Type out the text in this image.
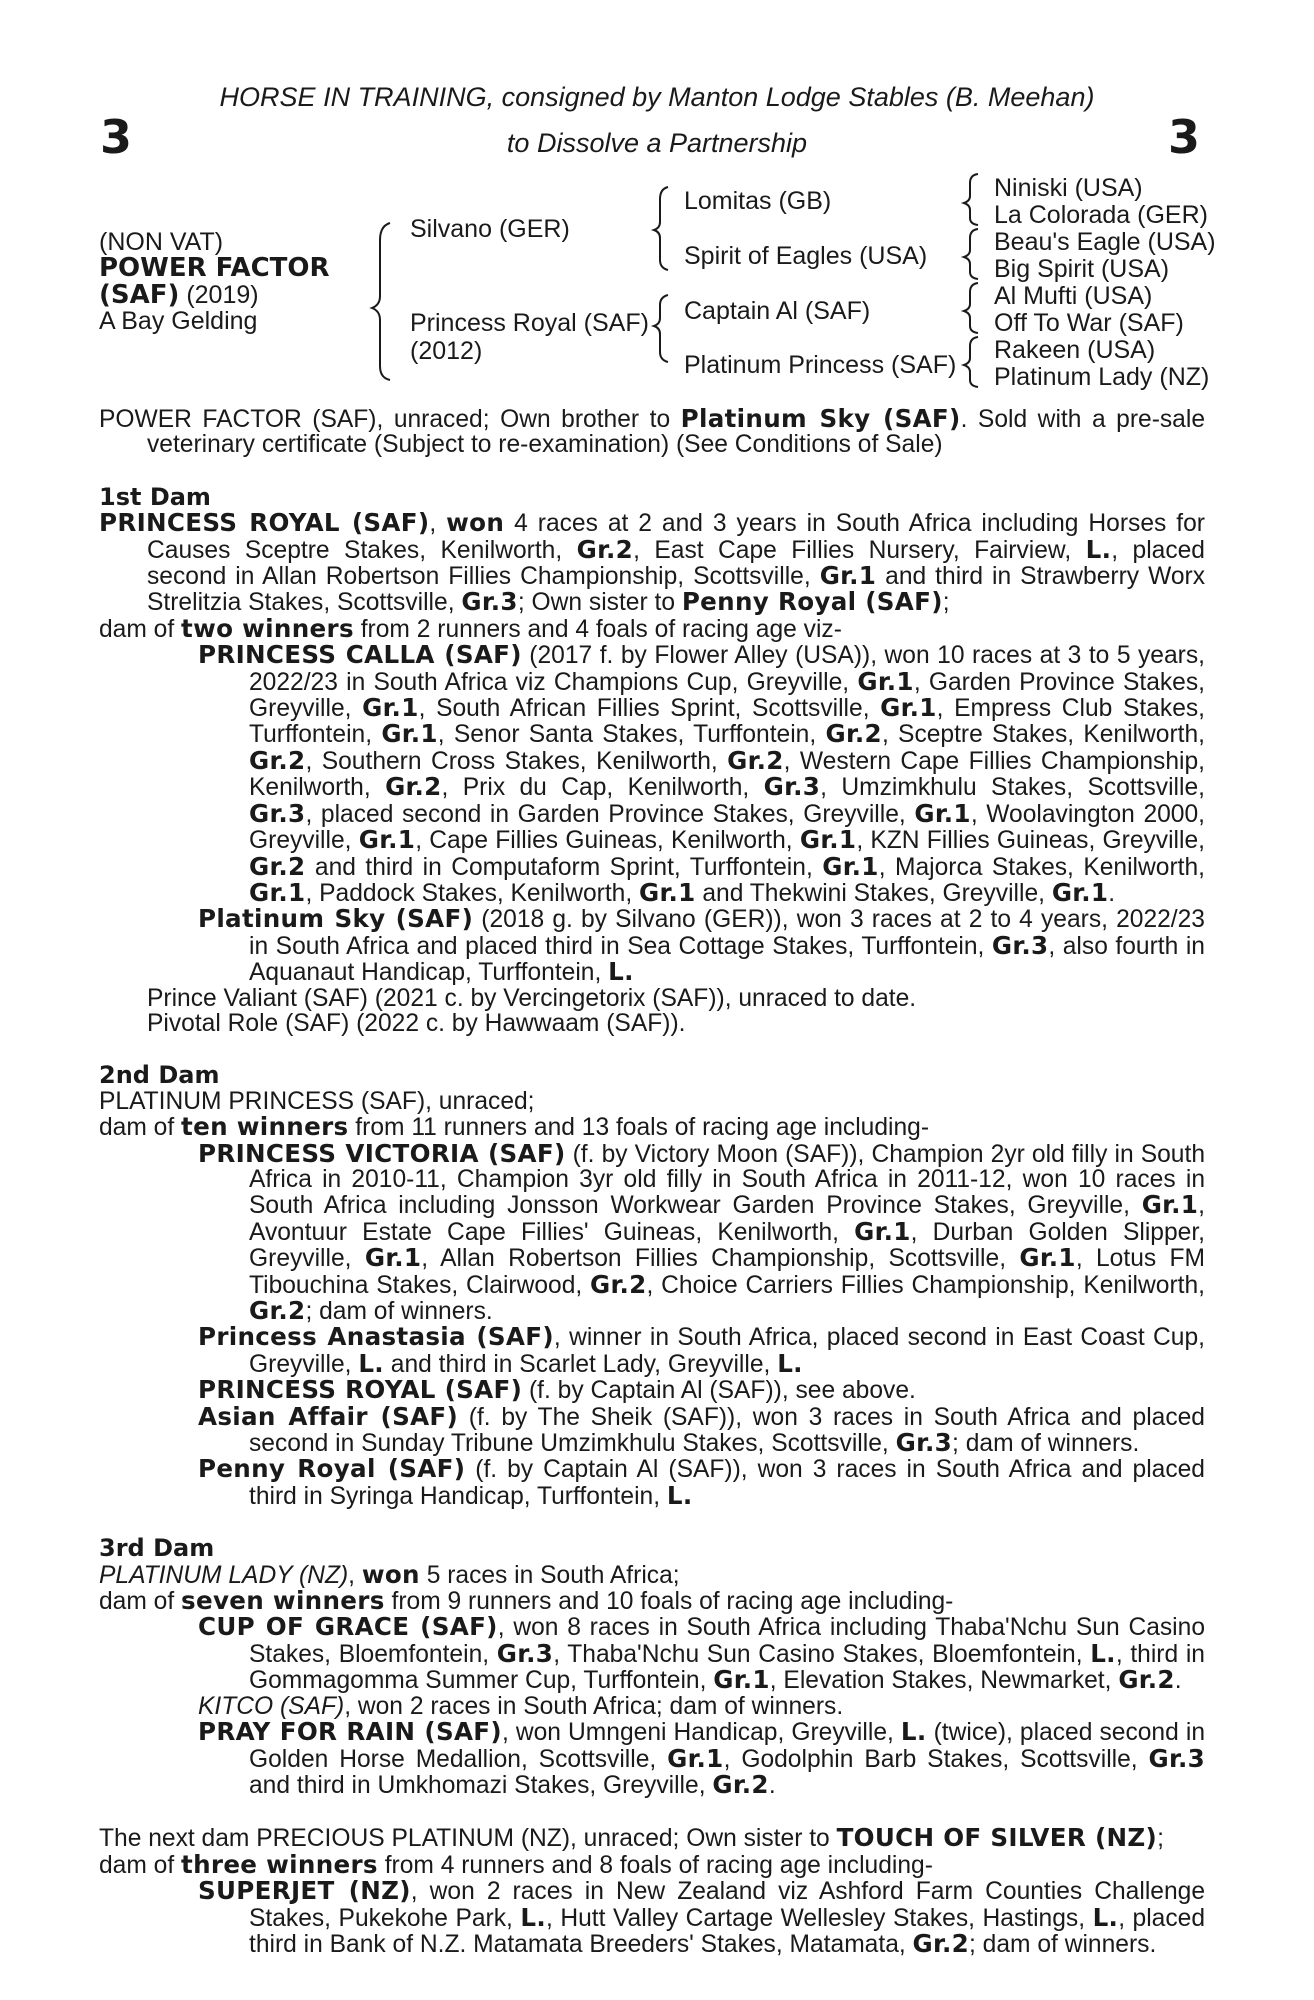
3	3
HORSE IN TRAINING, consigned by Manton Lodge Stables (B. Meehan)
to Dissolve a Partnership
(NON VAT)
POWER FACTOR
(SAF) (2019)
A Bay Gelding
Silvano (GER)
Princess Royal (SAF)
(2012)
Lomitas (GB)
Spirit of Eagles (USA)
Captain Al (SAF)
Platinum Princess (SAF)
Niniski (USA)
La Colorada (GER)
Beau's Eagle (USA)
Big Spirit (USA)
Al Mufti (USA)
Off To War (SAF)
Rakeen (USA)
Platinum Lady (NZ)

POWER FACTOR (SAF), unraced; Own brother to Platinum Sky (SAF). Sold with a pre-sale veterinary certificate (Subject to re-examination) (See Conditions of Sale)

1st Dam

PRINCESS ROYAL (SAF), won 4 races at 2 and 3 years in South Africa including Horses for Causes Sceptre Stakes, Kenilworth, Gr.2, East Cape Fillies Nursery, Fairview, L., placed second in Allan Robertson Fillies Championship, Scottsville, Gr.1 and third in Strawberry Worx Strelitzia Stakes, Scottsville, Gr.3; Own sister to Penny Royal (SAF);

dam of two winners from 2 runners and 4 foals of racing age viz-

PRINCESS CALLA (SAF) (2017 f. by Flower Alley (USA)), won 10 races at 3 to 5 years, 2022/23 in South Africa viz Champions Cup, Greyville, Gr.1, Garden Province Stakes, Greyville, Gr.1, South African Fillies Sprint, Scottsville, Gr.1, Empress Club Stakes, Turffontein, Gr.1, Senor Santa Stakes, Turffontein, Gr.2, Sceptre Stakes, Kenilworth, Gr.2, Southern Cross Stakes, Kenilworth, Gr.2, Western Cape Fillies Championship, Kenilworth, Gr.2, Prix du Cap, Kenilworth, Gr.3, Umzimkhulu Stakes, Scottsville, Gr.3, placed second in Garden Province Stakes, Greyville, Gr.1, Woolavington 2000, Greyville, Gr.1, Cape Fillies Guineas, Kenilworth, Gr.1, KZN Fillies Guineas, Greyville, Gr.2 and third in Computaform Sprint, Turffontein, Gr.1, Majorca Stakes, Kenilworth, Gr.1, Paddock Stakes, Kenilworth, Gr.1 and Thekwini Stakes, Greyville, Gr.1.

Platinum Sky (SAF) (2018 g. by Silvano (GER)), won 3 races at 2 to 4 years, 2022/23 in South Africa and placed third in Sea Cottage Stakes, Turffontein, Gr.3, also fourth in Aquanaut Handicap, Turffontein, L.

Prince Valiant (SAF) (2021 c. by Vercingetorix (SAF)), unraced to date.

Pivotal Role (SAF) (2022 c. by Hawwaam (SAF)).

2nd Dam

PLATINUM PRINCESS (SAF), unraced;

dam of ten winners from 11 runners and 13 foals of racing age including-

PRINCESS VICTORIA (SAF) (f. by Victory Moon (SAF)), Champion 2yr old filly in South Africa in 2010-11, Champion 3yr old filly in South Africa in 2011-12, won 10 races in South Africa including Jonsson Workwear Garden Province Stakes, Greyville, Gr.1, Avontuur Estate Cape Fillies' Guineas, Kenilworth, Gr.1, Durban Golden Slipper, Greyville, Gr.1, Allan Robertson Fillies Championship, Scottsville, Gr.1, Lotus FM Tibouchina Stakes, Clairwood, Gr.2, Choice Carriers Fillies Championship, Kenilworth, Gr.2; dam of winners.

Princess Anastasia (SAF), winner in South Africa, placed second in East Coast Cup, Greyville, L. and third in Scarlet Lady, Greyville, L.

PRINCESS ROYAL (SAF) (f. by Captain Al (SAF)), see above.

Asian Affair (SAF) (f. by The Sheik (SAF)), won 3 races in South Africa and placed second in Sunday Tribune Umzimkhulu Stakes, Scottsville, Gr.3; dam of winners.

Penny Royal (SAF) (f. by Captain Al (SAF)), won 3 races in South Africa and placed third in Syringa Handicap, Turffontein, L.

3rd Dam

PLATINUM LADY (NZ), won 5 races in South Africa;

dam of seven winners from 9 runners and 10 foals of racing age including-

CUP OF GRACE (SAF), won 8 races in South Africa including Thaba'Nchu Sun Casino Stakes, Bloemfontein, Gr.3, Thaba'Nchu Sun Casino Stakes, Bloemfontein, L., third in Gommagomma Summer Cup, Turffontein, Gr.1, Elevation Stakes, Newmarket, Gr.2.

KITCO (SAF), won 2 races in South Africa; dam of winners.

PRAY FOR RAIN (SAF), won Umngeni Handicap, Greyville, L. (twice), placed second in Golden Horse Medallion, Scottsville, Gr.1, Godolphin Barb Stakes, Scottsville, Gr.3 and third in Umkhomazi Stakes, Greyville, Gr.2.

The next dam PRECIOUS PLATINUM (NZ), unraced; Own sister to TOUCH OF SILVER (NZ);

dam of three winners from 4 runners and 8 foals of racing age including-

SUPERJET (NZ), won 2 races in New Zealand viz Ashford Farm Counties Challenge Stakes, Pukekohe Park, L., Hutt Valley Cartage Wellesley Stakes, Hastings, L., placed third in Bank of N.Z. Matamata Breeders' Stakes, Matamata, Gr.2; dam of winners.
